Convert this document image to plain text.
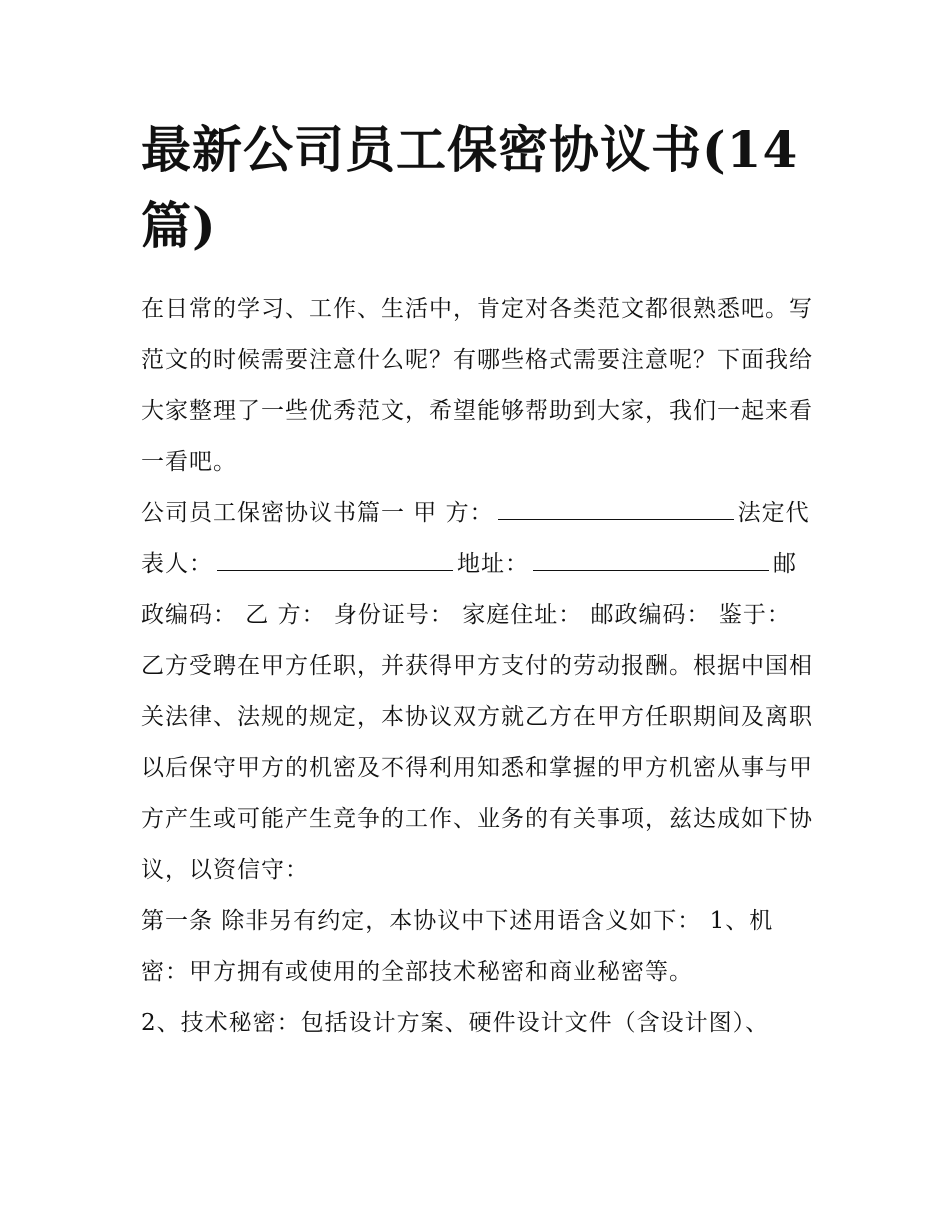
最新公司员工保密协议书(14篇)

在日常的学习、工作、生活中，肯定对各类范文都很熟悉吧。写范文的时候需要注意什么呢？有哪些格式需要注意呢？下面我给大家整理了一些优秀范文，希望能够帮助到大家，我们一起来看一看吧。

公司员工保密协议书篇一 甲 方：	法定代表人：	地址：	邮政编码： 乙 方： 身份证号： 家庭住址： 邮政编码： 鉴于：

乙方受聘在甲方任职，并获得甲方支付的劳动报酬。根据中国相关法律、法规的规定，本协议双方就乙方在甲方任职期间及离职以后保守甲方的机密及不得利用知悉和掌握的甲方机密从事与甲方产生或可能产生竞争的工作、业务的有关事项，兹达成如下协议，以资信守：

第一条 除非另有约定，本协议中下述用语含义如下： 1、机密：甲方拥有或使用的全部技术秘密和商业秘密等。

2、技术秘密：包括设计方案、硬件设计文件（含设计图）、
